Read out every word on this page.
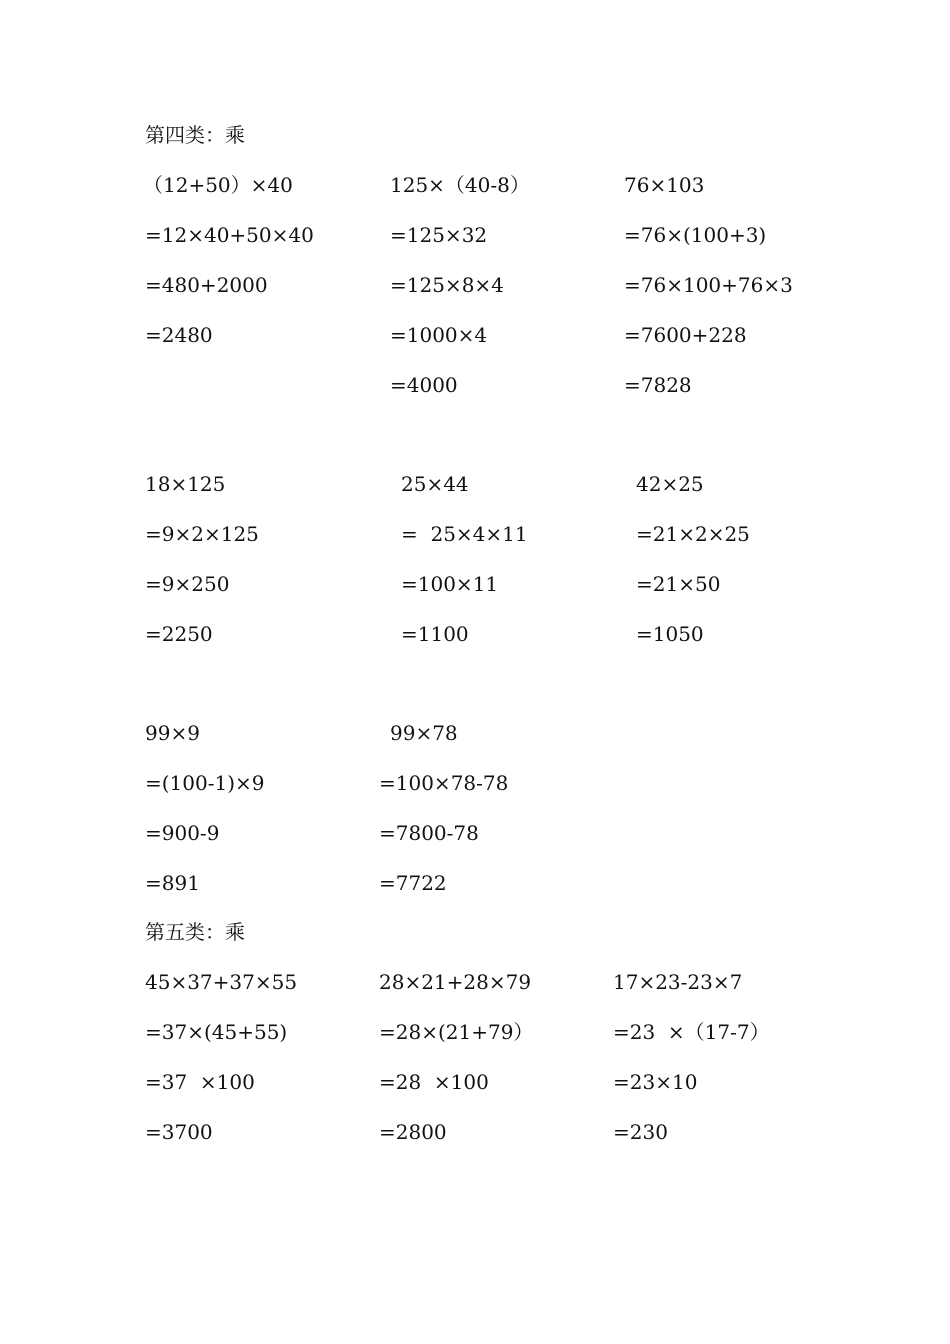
第四类：乘
（12+50）×40
=12×40+50×40
=480+2000
=2480
125×（40-8）
=125×32
=125×8×4
=1000×4
=4000
76×103
=76×(100+3)
=76×100+76×3
=7600+228
=7828
18×125
=9×2×125
=9×250
=2250
25×44
=  25×4×11
=100×11
=1100
42×25
=21×2×25
=21×50
=1050
99×9
=(100-1)×9
=900-9
=891
99×78
=100×78-78
=7800-78
=7722
第五类：乘
45×37+37×55
=37×(45+55)
=37  ×100
=3700
28×21+28×79
=28×(21+79）
=28  ×100
=2800
17×23-23×7
=23  ×（17-7）
=23×10
=230
